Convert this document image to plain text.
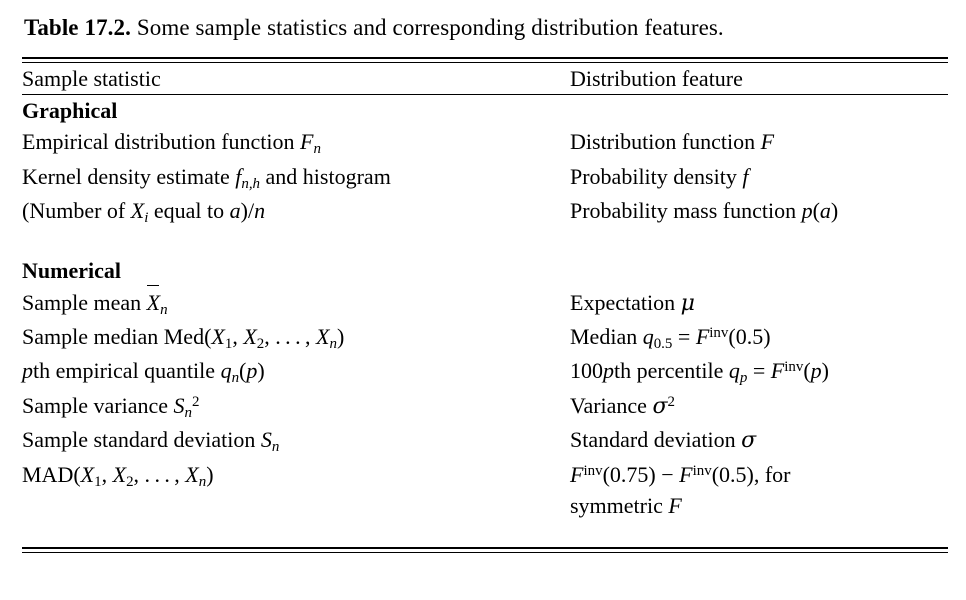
Table 17.2. Some sample statistics and corresponding distribution features.
Sample statistic	Distribution feature
Graphical	
Empirical distribution function $F_n$	Distribution function F
Kernel density estimate $f_{n,h}$ and histogram	Probability density f
(Number of $X_i$ equal to a)/n	Probability mass function p(a)

Numerical	
Sample mean $X_n$	Expectation μ
Sample median $Med(X_1$, $X_2$, . . . , $X_n$)	Median $q_{0.5} = F^{inv}(0.5)$
pth empirical quantile $q_n(p)$	100pth percentile $q_p = F^{inv}(p)$
Sample variance $S_n^2$	Variance $\sigma^2$
Sample standard deviation $S_n$	Standard deviation σ
$MAD(X_1$, $X_2$, . . . , $X_n$)	$F^{inv}(0.75) - F^{inv}(0.5)$, for
symmetric F
